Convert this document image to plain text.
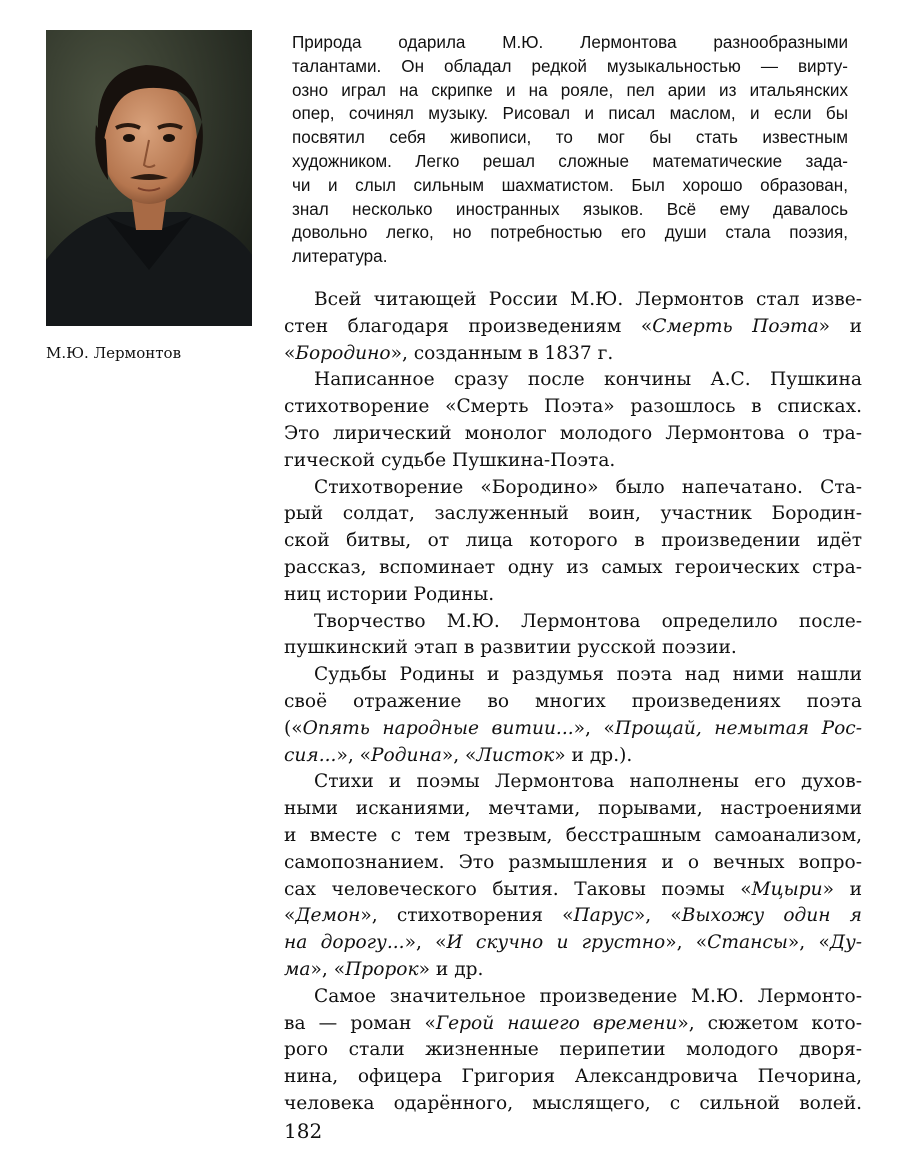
М.Ю. Лермонтов
Природа одарила М.Ю. Лермонтова разнообразными
талантами. Он обладал редкой музыкальностью — вирту-
озно играл на скрипке и на рояле, пел арии из итальянских
опер, сочинял музыку. Рисовал и писал маслом, и если бы
посвятил себя живописи, то мог бы стать известным
художником. Легко решал сложные математические зада-
чи и слыл сильным шахматистом. Был хорошо образован,
знал несколько иностранных языков. Всё ему давалось
довольно легко, но потребностью его души стала поэзия,
литература.
Всей читающей России М.Ю. Лермонтов стал изве-
стен благодаря произведениям «Смерть Поэта» и
«Бородино», созданным в 1837 г.
Написанное сразу после кончины А.С. Пушкина
стихотворение «Смерть Поэта» разошлось в списках.
Это лирический монолог молодого Лермонтова о тра-
гической судьбе Пушкина-Поэта.
Стихотворение «Бородино» было напечатано. Ста-
рый солдат, заслуженный воин, участник Бородин-
ской битвы, от лица которого в произведении идёт
рассказ, вспоминает одну из самых героических стра-
ниц истории Родины.
Творчество М.Ю. Лермонтова определило после-
пушкинский этап в развитии русской поэзии.
Судьбы Родины и раздумья поэта над ними нашли
своё отражение во многих произведениях поэта
(«Опять народные витии...», «Прощай, немытая Рос-
сия...», «Родина», «Листок» и др.).
Стихи и поэмы Лермонтова наполнены его духов-
ными исканиями, мечтами, порывами, настроениями
и вместе с тем трезвым, бесстрашным самоанализом,
самопознанием. Это размышления и о вечных вопро-
сах человеческого бытия. Таковы поэмы «Мцыри» и
«Демон», стихотворения «Парус», «Выхожу один я
на дорогу...», «И скучно и грустно», «Стансы», «Ду-
ма», «Пророк» и др.
Самое значительное произведение М.Ю. Лермонто-
ва — роман «Герой нашего времени», сюжетом кото-
рого стали жизненные перипетии молодого дворя-
нина, офицера Григория Александровича Печорина,
человека одарённого, мыслящего, с сильной волей.
182
